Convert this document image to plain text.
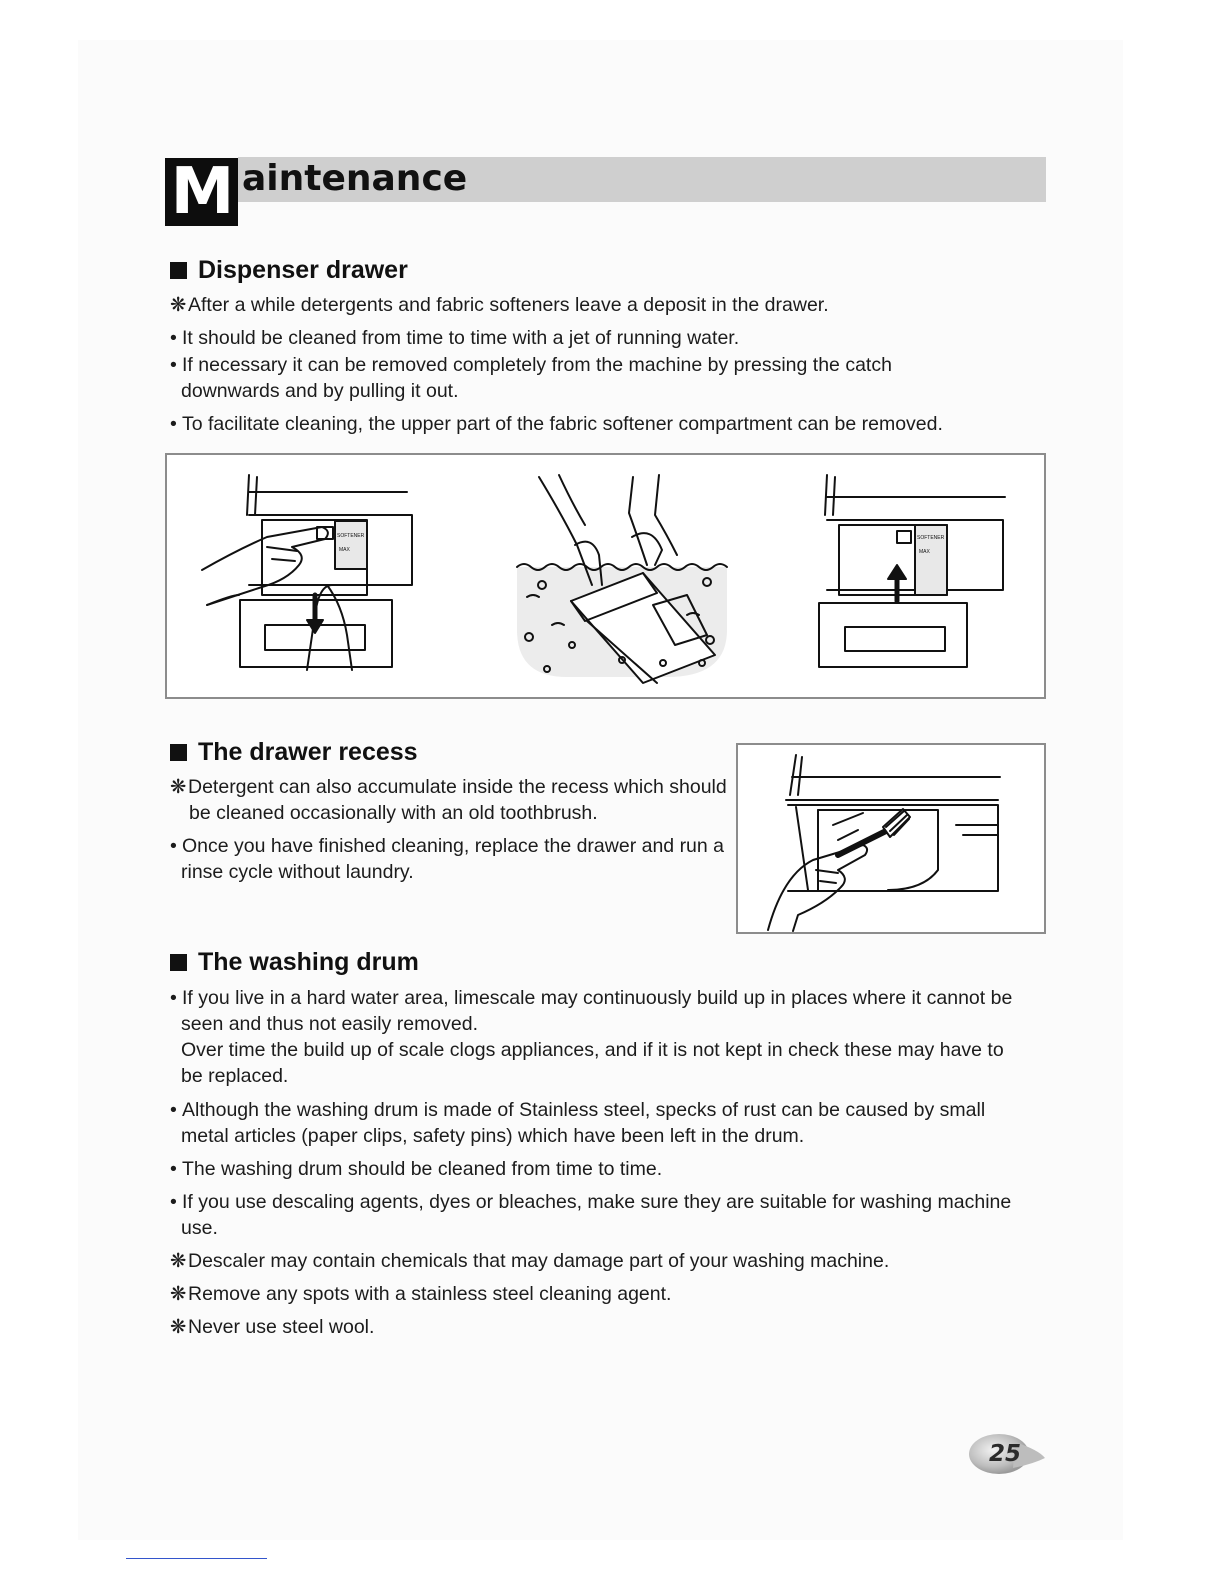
M aintenance
Dispenser drawer
❋After a while detergents and fabric softeners leave a deposit in the drawer.
• It should be cleaned from time to time with a jet of running water.
• If necessary it can be removed completely from the machine by pressing the catch
downwards and by pulling it out.
• To facilitate cleaning, the upper part of the fabric softener compartment can be removed.
SOFTENER
MAX
SOFTENER
MAX
The drawer recess
❋Detergent can also accumulate inside the recess which should
be cleaned occasionally with an old toothbrush.
• Once you have finished cleaning, replace the drawer and run a
rinse cycle without laundry.
The washing drum
• If you live in a hard water area, limescale may continuously build up in places where it cannot be
seen and thus not easily removed.
Over time the build up of scale clogs appliances, and if it is not kept in check these may have to
be replaced.
• Although the washing drum is made of Stainless steel, specks of rust can be caused by small
metal articles (paper clips, safety pins) which have been left in the drum.
• The washing drum should be cleaned from time to time.
• If you use descaling agents, dyes or bleaches, make sure they are suitable for washing machine
use.
❋Descaler may contain chemicals that may damage part of your washing machine.
❋Remove any spots with a stainless steel cleaning agent.
❋Never use steel wool.
25
